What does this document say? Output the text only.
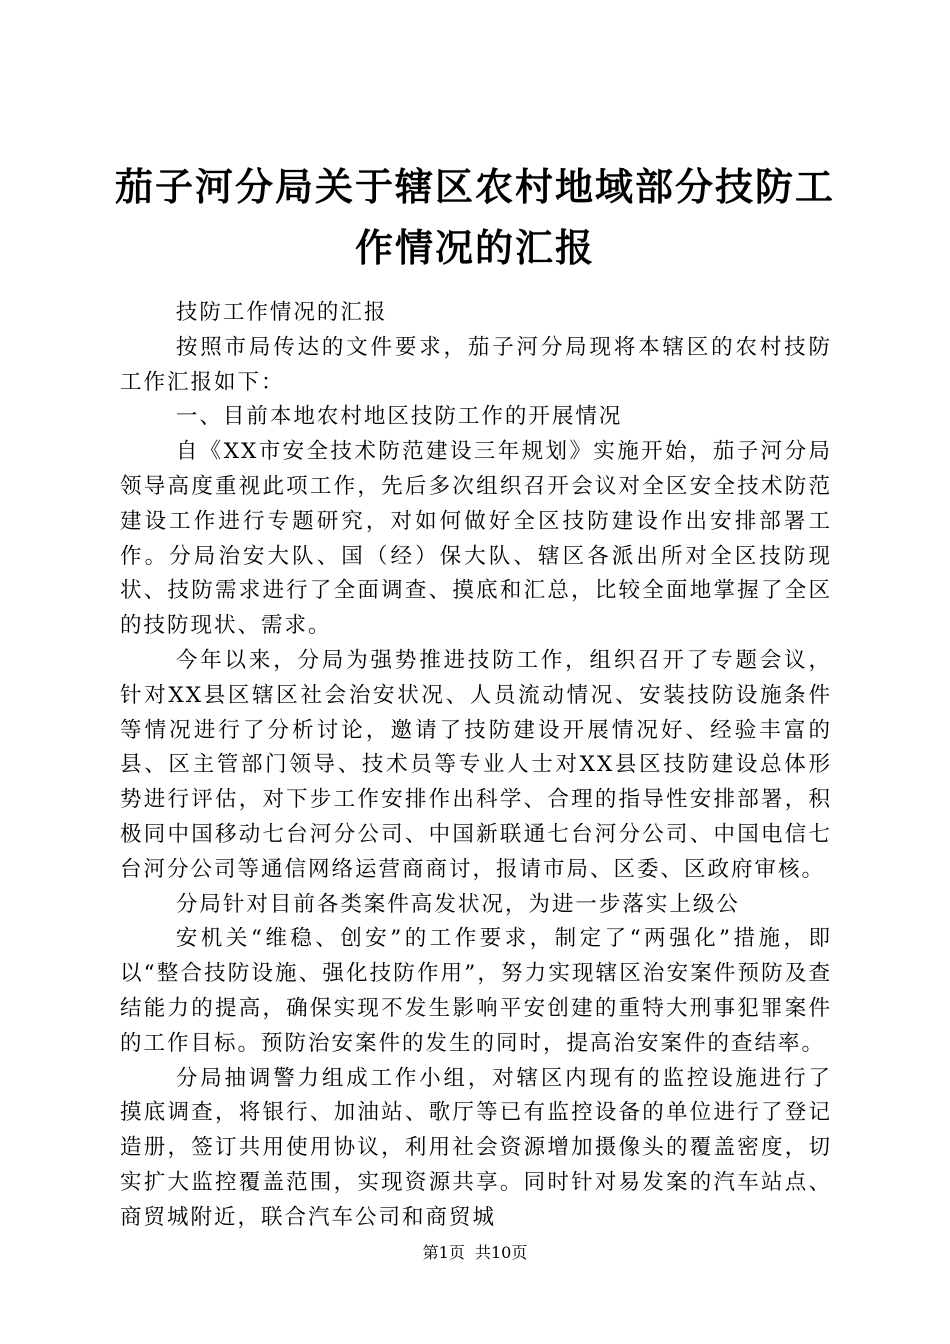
茄子河分局关于辖区农村地域部分技防工作情况的汇报

技防工作情况的汇报

按照市局传达的文件要求，茄子河分局现将本辖区的农村技防工作汇报如下：

一、目前本地农村地区技防工作的开展情况

自《XX市安全技术防范建设三年规划》实施开始，茄子河分局领导高度重视此项工作，先后多次组织召开会议对全区安全技术防范建设工作进行专题研究，对如何做好全区技防建设作出安排部署工作。分局治安大队、国（经）保大队、辖区各派出所对全区技防现状、技防需求进行了全面调查、摸底和汇总，比较全面地掌握了全区的技防现状、需求。

今年以来，分局为强势推进技防工作，组织召开了专题会议，针对XX县区辖区社会治安状况、人员流动情况、安装技防设施条件等情况进行了分析讨论，邀请了技防建设开展情况好、经验丰富的县、区主管部门领导、技术员等专业人士对XX县区技防建设总体形势进行评估，对下步工作安排作出科学、合理的指导性安排部署，积极同中国移动七台河分公司、中国新联通七台河分公司、中国电信七台河分公司等通信网络运营商商讨，报请市局、区委、区政府审核。

分局针对目前各类案件高发状况，为进一步落实上级公

安机关“维稳、创安”的工作要求，制定了“两强化”措施，即以“整合技防设施、强化技防作用”，努力实现辖区治安案件预防及查结能力的提高，确保实现不发生影响平安创建的重特大刑事犯罪案件的工作目标。预防治安案件的发生的同时，提高治安案件的查结率。

分局抽调警力组成工作小组，对辖区内现有的监控设施进行了摸底调查，将银行、加油站、歌厅等已有监控设备的单位进行了登记造册，签订共用使用协议，利用社会资源增加摄像头的覆盖密度，切实扩大监控覆盖范围，实现资源共享。同时针对易发案的汽车站点、商贸城附近，联合汽车公司和商贸城

第1页  共10页
